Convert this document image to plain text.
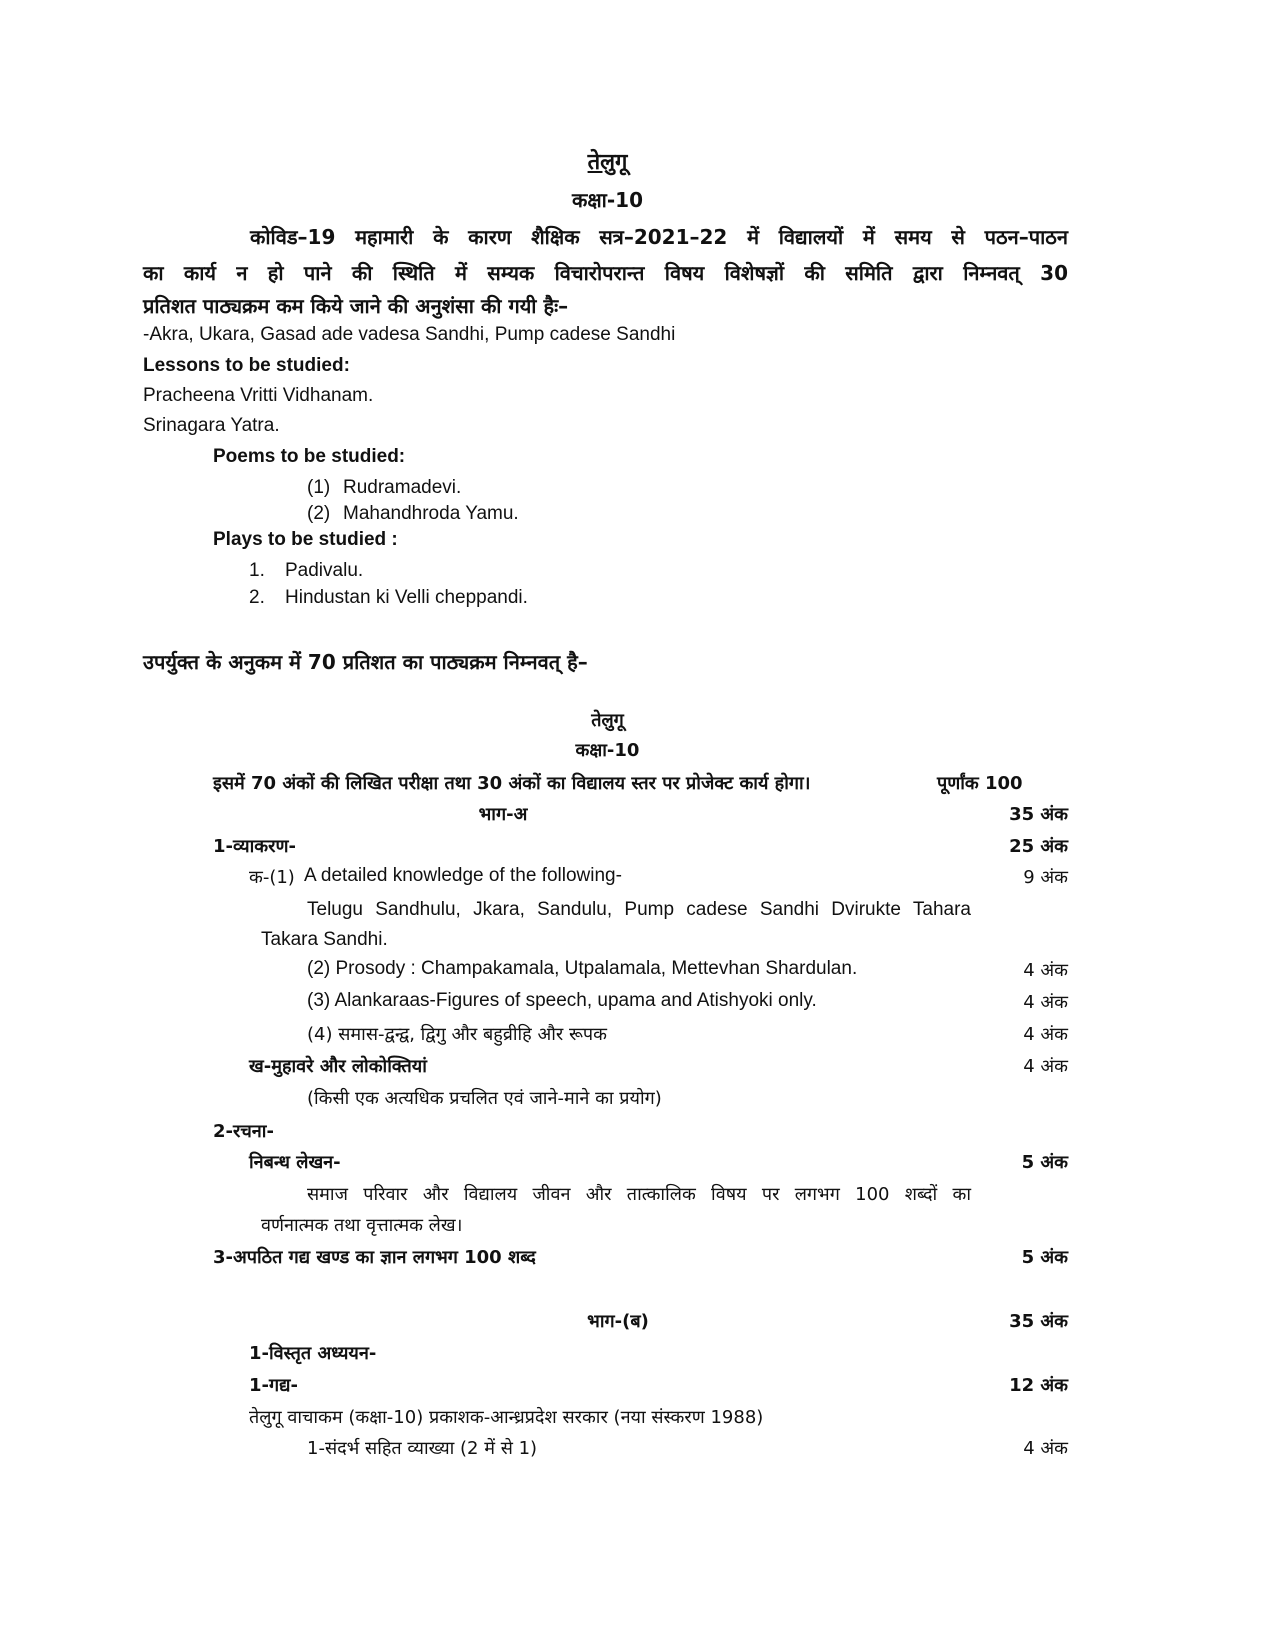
तेलुगू
कक्षा-10
कोविड–19 महामारी के कारण शैक्षिक सत्र–2021–22 में विद्यालयों में समय से पठन–पाठन
का कार्य न हो पाने की स्थिति में सम्यक विचारोपरान्त विषय विशेषज्ञों की समिति द्वारा निम्नवत् 30
प्रतिशत पाठ्यक्रम कम किये जाने की अनुशंसा की गयी हैः–
-Akra, Ukara, Gasad ade vadesa Sandhi, Pump cadese Sandhi
Lessons to be studied:
Pracheena Vritti Vidhanam.
Srinagara Yatra.
Poems to be studied:
(1) Rudramadevi.
(2) Mahandhroda Yamu.
Plays to be studied :
1. Padivalu.
2. Hindustan ki Velli cheppandi.
उपर्युक्त के अनुकम में 70 प्रतिशत का पाठ्यक्रम निम्नवत् है–
तेलुगू
कक्षा-10
इसमें 70 अंकों की लिखित परीक्षा तथा 30 अंकों का विद्यालय स्तर पर प्रोजेक्ट कार्य होगा।	पूर्णांक 100
भाग-अ	35 अंक
1-व्याकरण-	25 अंक
क-(1) A detailed knowledge of the following-	9 अंक
Telugu Sandhulu, Jkara, Sandulu, Pump cadese Sandhi Dvirukte Tahara
Takara Sandhi.
(2) Prosody : Champakamala, Utpalamala, Mettevhan Shardulan.	4 अंक
(3) Alankaraas-Figures of speech, upama and Atishyoki only.	4 अंक
(4) समास-द्वन्द्व, द्विगु और बहुव्रीहि और रूपक	4 अंक
ख-मुहावरे और लोकोक्तियां	4 अंक
(किसी एक अत्यधिक प्रचलित एवं जाने-माने का प्रयोग)
2-रचना-
निबन्ध लेखन-	5 अंक
समाज परिवार और विद्यालय जीवन और तात्कालिक विषय पर लगभग 100 शब्दों का
वर्णनात्मक तथा वृत्तात्मक लेख।
3-अपठित गद्य खण्ड का ज्ञान लगभग 100 शब्द	5 अंक
भाग-(ब)	35 अंक
1-विस्तृत अध्ययन-
1-गद्य-	12 अंक
तेलुगू वाचाकम (कक्षा-10) प्रकाशक-आन्ध्रप्रदेश सरकार (नया संस्करण 1988)
1-संदर्भ सहित व्याख्या (2 में से 1)	4 अंक
